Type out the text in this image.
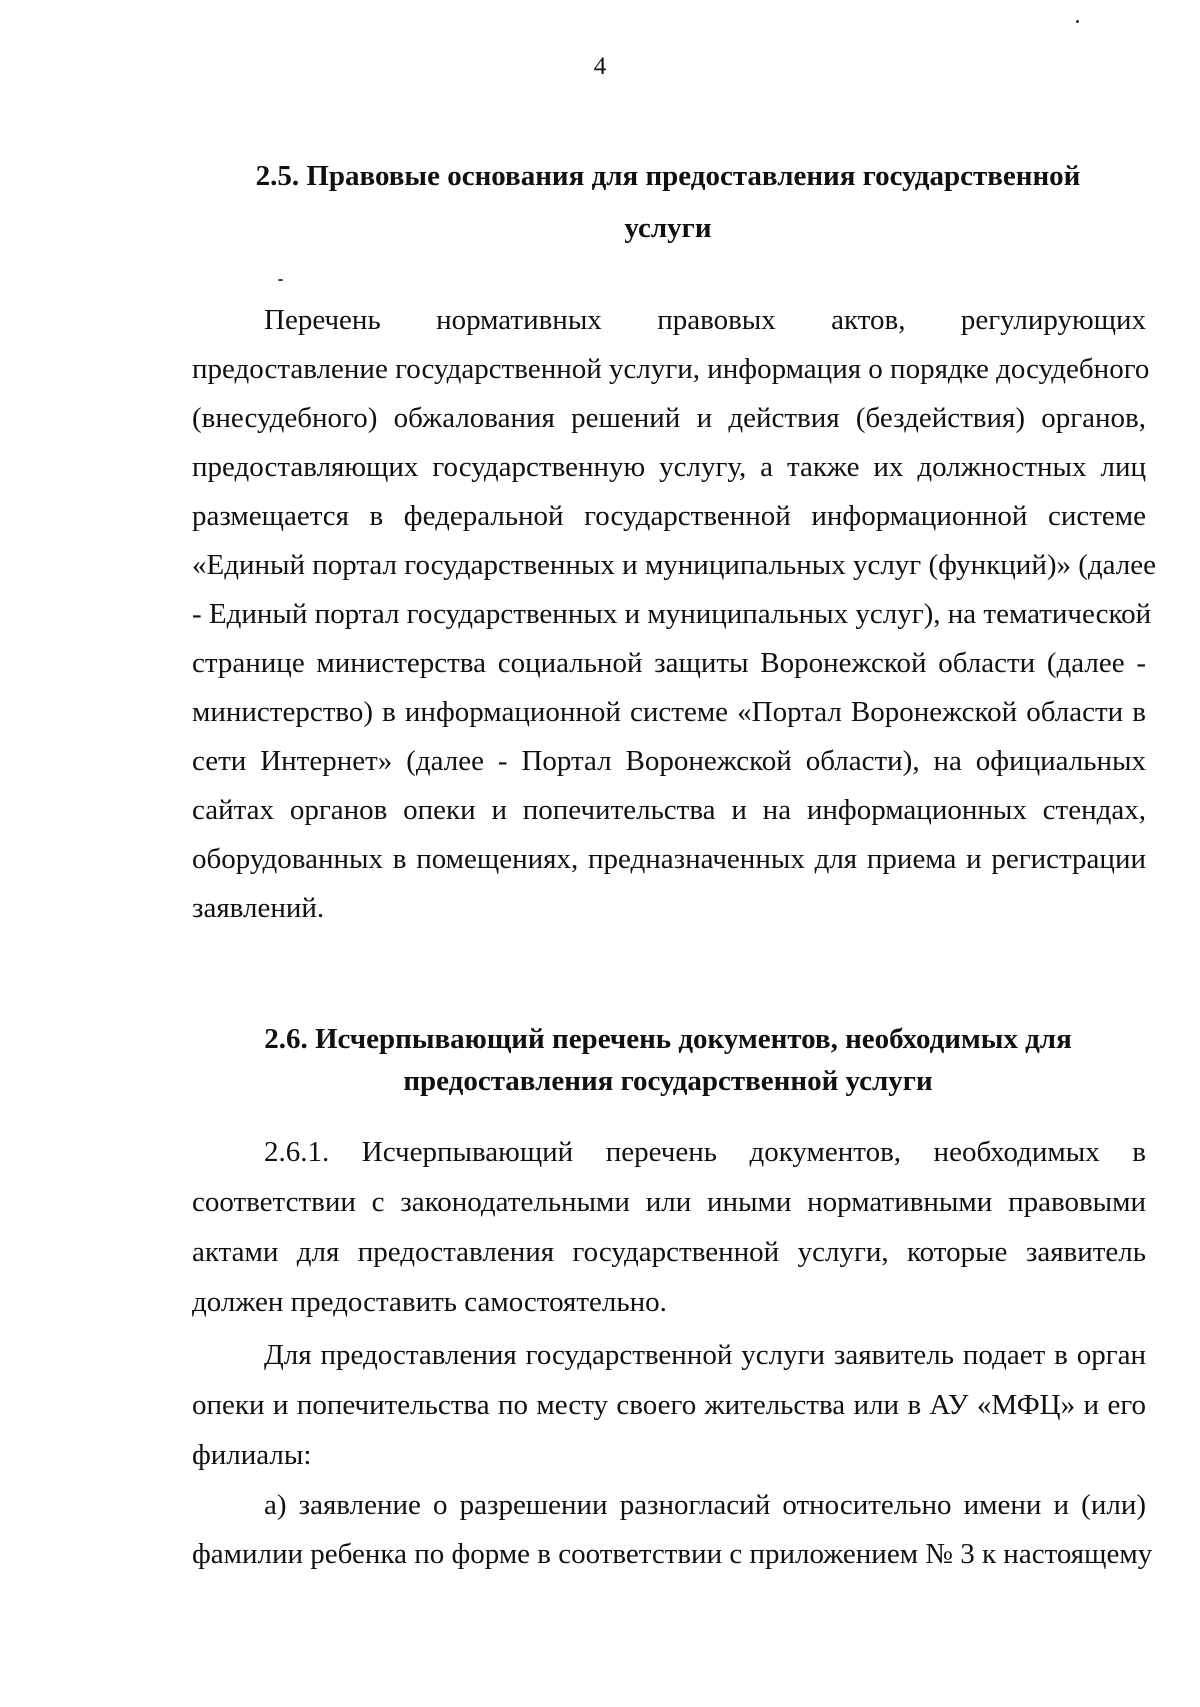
4
2.5. Правовые основания для предоставления государственной
услуги
Перечень нормативных правовых актов, регулирующих
предоставление государственной услуги, информация о порядке досудебного
(внесудебного) обжалования решений и действия (бездействия) органов,
предоставляющих государственную услугу, а также их должностных лиц
размещается в федеральной государственной информационной системе
«Единый портал государственных и муниципальных услуг (функций)» (далее
- Единый портал государственных и муниципальных услуг), на тематической
странице министерства социальной защиты Воронежской области (далее -
министерство) в информационной системе «Портал Воронежской области в
сети Интернет» (далее - Портал Воронежской области), на официальных
сайтах органов опеки и попечительства и на информационных стендах,
оборудованных в помещениях, предназначенных для приема и регистрации
заявлений.
2.6. Исчерпывающий перечень документов, необходимых для
предоставления государственной услуги
2.6.1. Исчерпывающий перечень документов, необходимых в
соответствии с законодательными или иными нормативными правовыми
актами для предоставления государственной услуги, которые заявитель
должен предоставить самостоятельно.
Для предоставления государственной услуги заявитель подает в орган
опеки и попечительства по месту своего жительства или в АУ «МФЦ» и его
филиалы:
а) заявление о разрешении разногласий относительно имени и (или)
фамилии ребенка по форме в соответствии с приложением № 3 к настоящему
